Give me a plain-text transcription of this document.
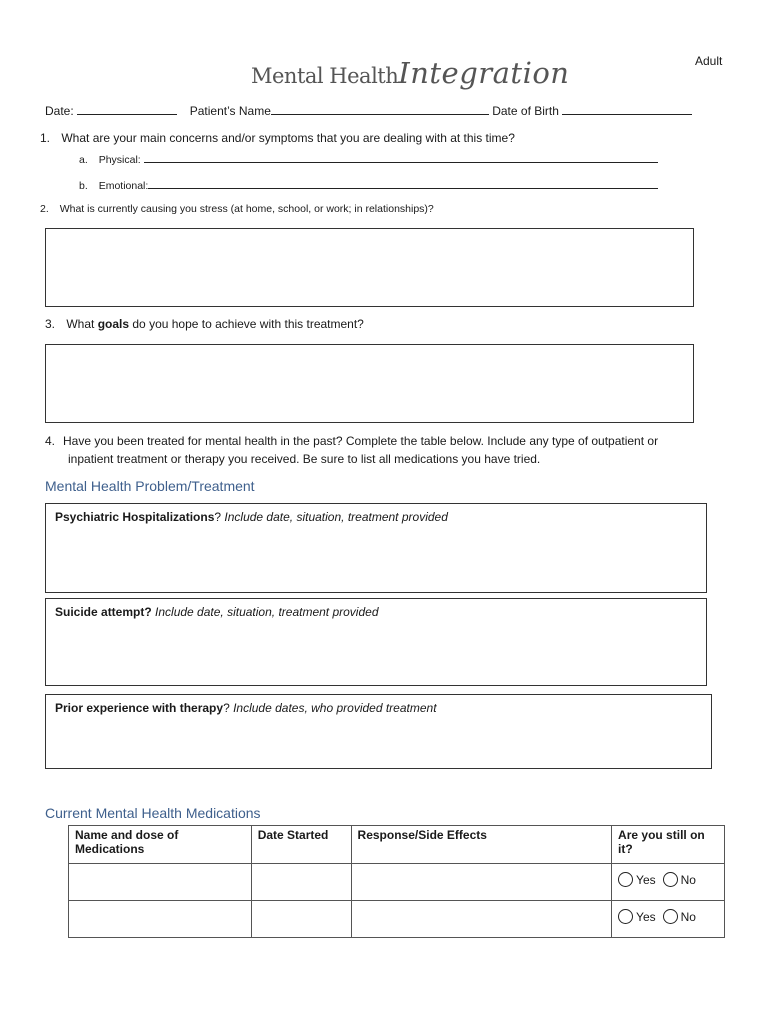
Mental HealthIntegration	Adult
Date:	Patient’s Name	Date of Birth
1. What are your main concerns and/or symptoms that you are dealing with at this time?
a. Physical:
b. Emotional:
2. What is currently causing you stress (at home, school, or work; in relationships)?
3. What goals do you hope to achieve with this treatment?
4. Have you been treated for mental health in the past? Complete the table below. Include any type of outpatient or
inpatient treatment or therapy you received. Be sure to list all medications you have tried.
Mental Health Problem/Treatment
Psychiatric Hospitalizations? Include date, situation, treatment provided
Suicide attempt? Include date, situation, treatment provided
Prior experience with therapy? Include dates, who provided treatment
Current Mental Health Medications
Name and dose of Medications	Date Started	Response/Side Effects	Are you still on it?

			Yes No

			Yes No
